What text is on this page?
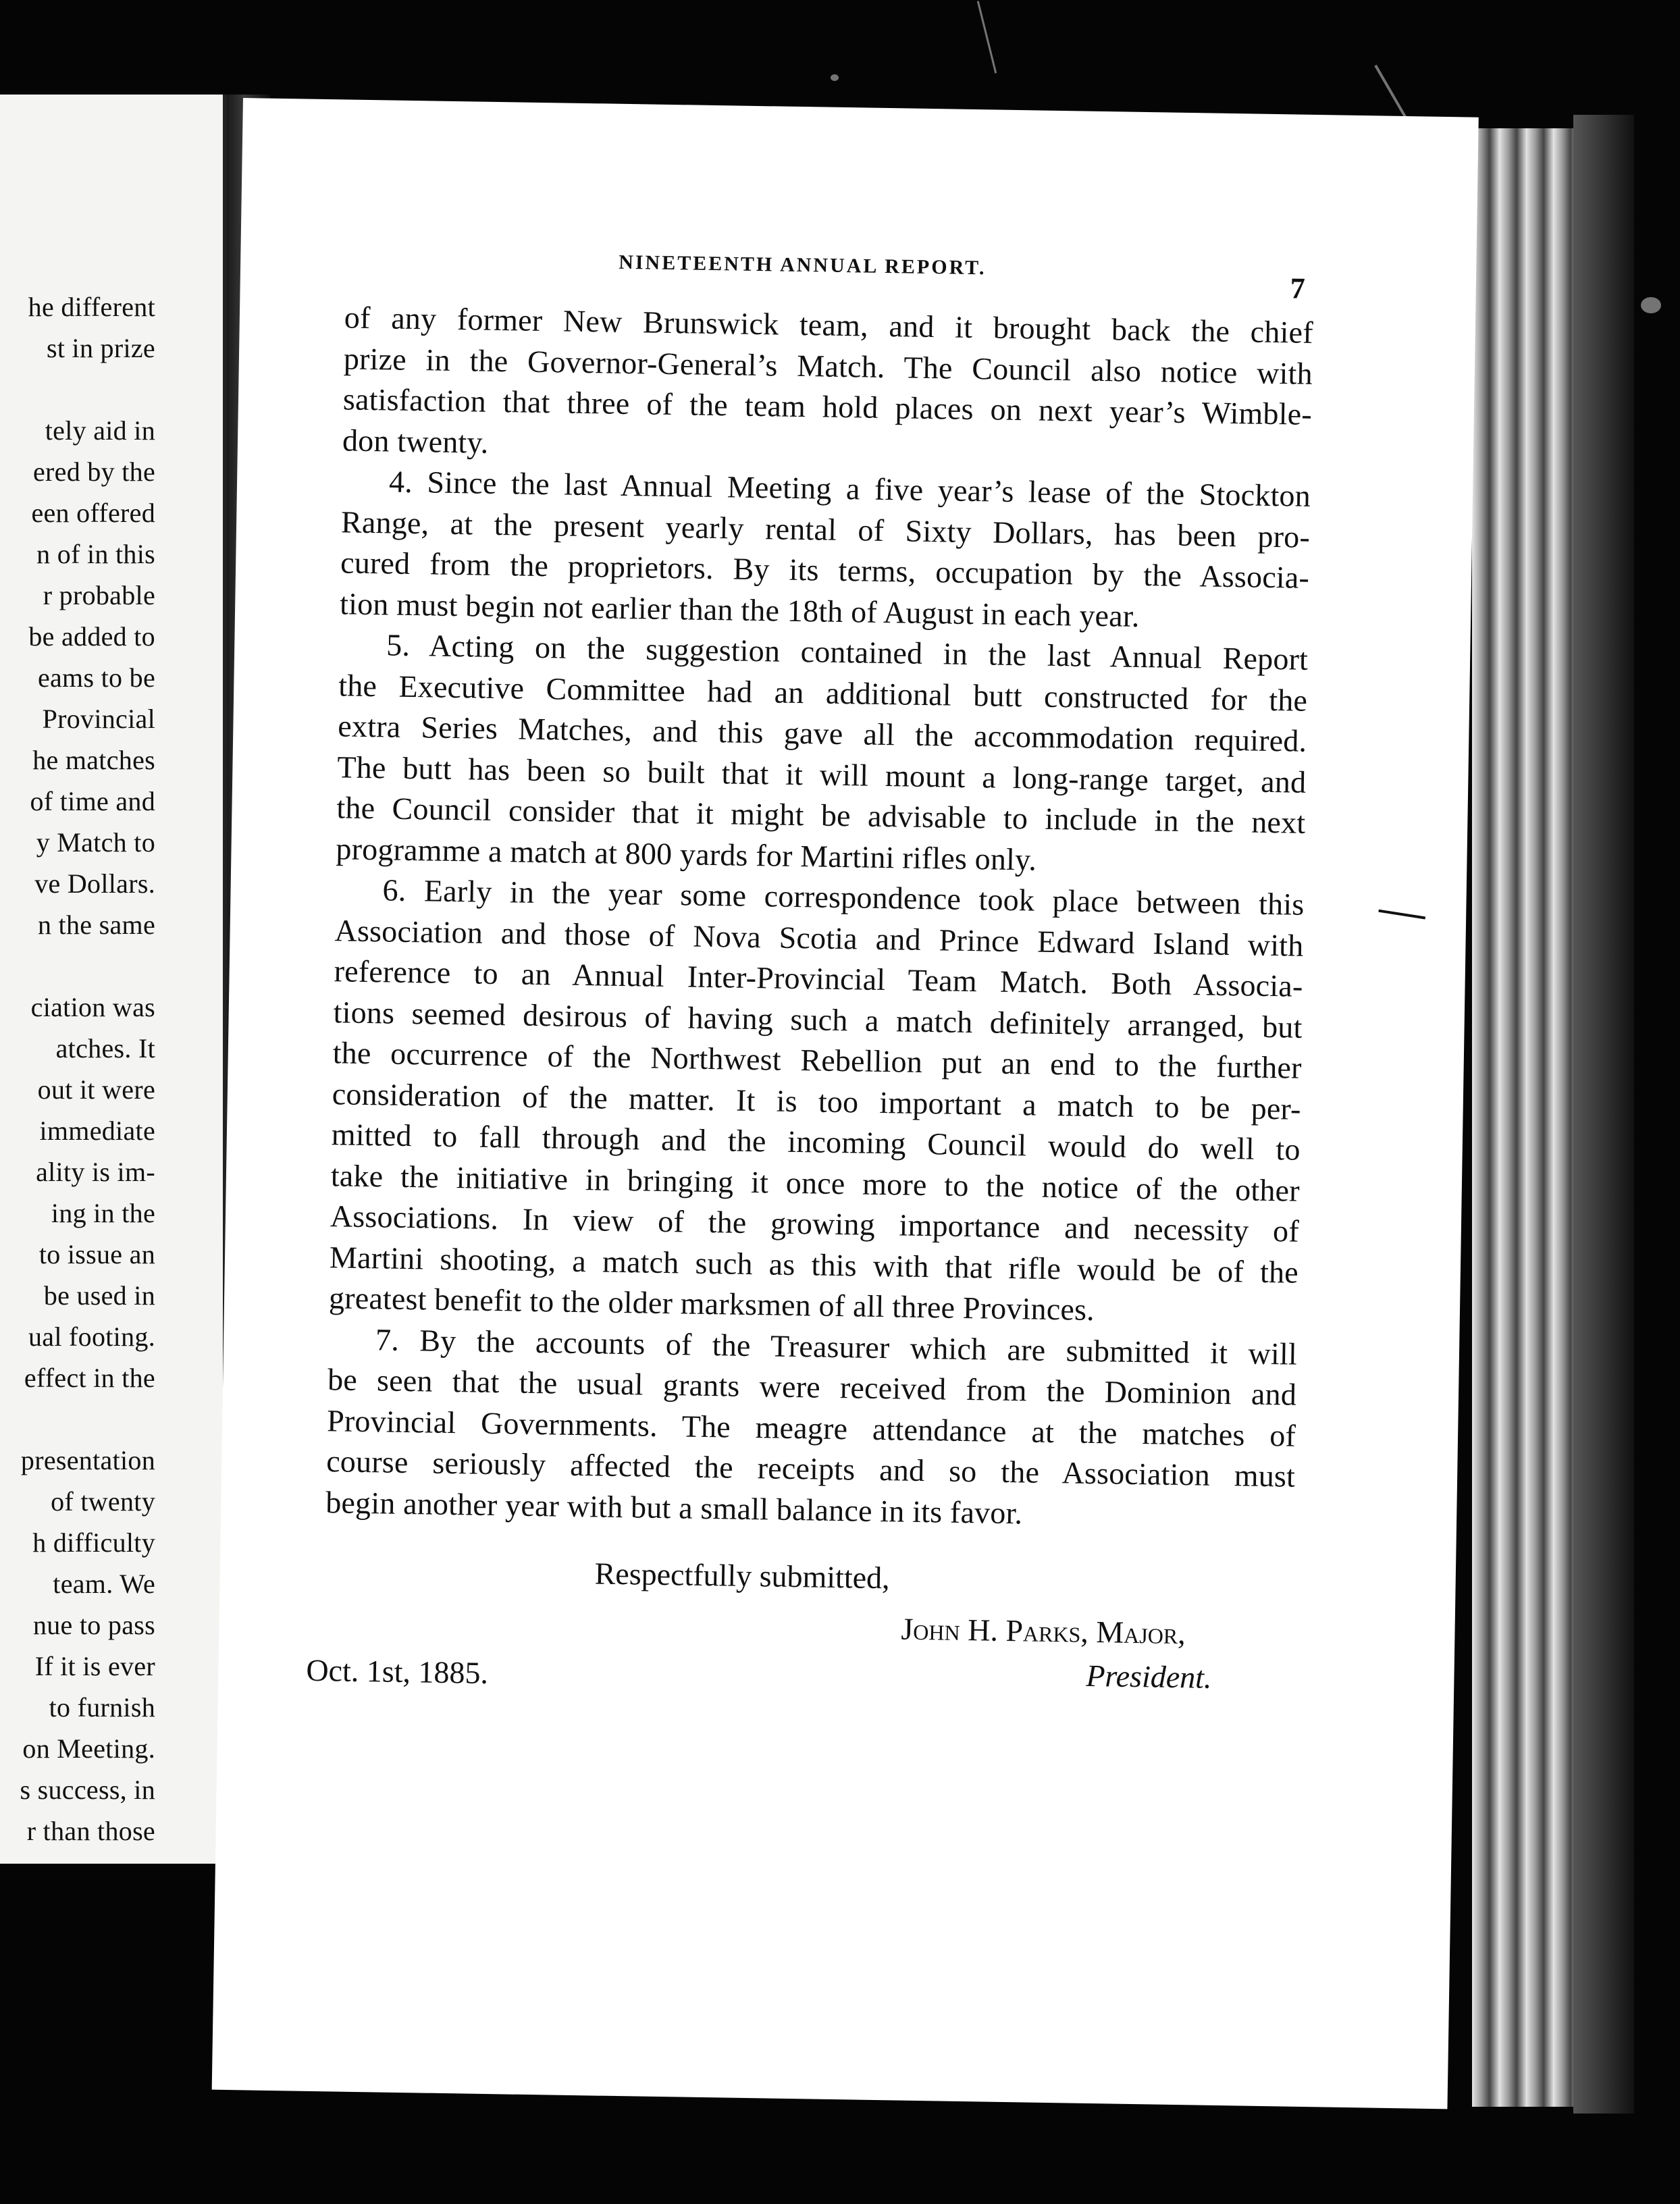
he different
st in prize
tely aid in
ered by the
een offered
n of in this
r probable
be added to
eams to be
Provincial
he matches
of time and
y Match to
ve Dollars.
n the same
ciation was
atches. It
out it were
immediate
ality is im-
ing in the
to issue an
be used in
ual footing.
effect in the
presentation
of twenty
h difficulty
team. We
nue to pass
If it is ever
to furnish
on Meeting.
s success, in
r than those
NINETEENTH ANNUAL REPORT.
7
of any former New Brunswick team, and it brought back the chief
prize in the Governor-General’s Match. The Council also notice with
satisfaction that three of the team hold places on next year’s Wimble-
don twenty.
4. Since the last Annual Meeting a five year’s lease of the Stockton
Range, at the present yearly rental of Sixty Dollars, has been pro-
cured from the proprietors. By its terms, occupation by the Associa-
tion must begin not earlier than the 18th of August in each year.
5. Acting on the suggestion contained in the last Annual Report
the Executive Committee had an additional butt constructed for the
extra Series Matches, and this gave all the accommodation required.
The butt has been so built that it will mount a long-range target, and
the Council consider that it might be advisable to include in the next
programme a match at 800 yards for Martini rifles only.
6. Early in the year some correspondence took place between this
Association and those of Nova Scotia and Prince Edward Island with
reference to an Annual Inter-Provincial Team Match. Both Associa-
tions seemed desirous of having such a match definitely arranged, but
the occurrence of the Northwest Rebellion put an end to the further
consideration of the matter. It is too important a match to be per-
mitted to fall through and the incoming Council would do well to
take the initiative in bringing it once more to the notice of the other
Associations. In view of the growing importance and necessity of
Martini shooting, a match such as this with that rifle would be of the
greatest benefit to the older marksmen of all three Provinces.
7. By the accounts of the Treasurer which are submitted it will
be seen that the usual grants were received from the Dominion and
Provincial Governments. The meagre attendance at the matches of
course seriously affected the receipts and so the Association must
begin another year with but a small balance in its favor.
Respectfully submitted,
John H. Parks, Major,
President.
Oct. 1st, 1885.
